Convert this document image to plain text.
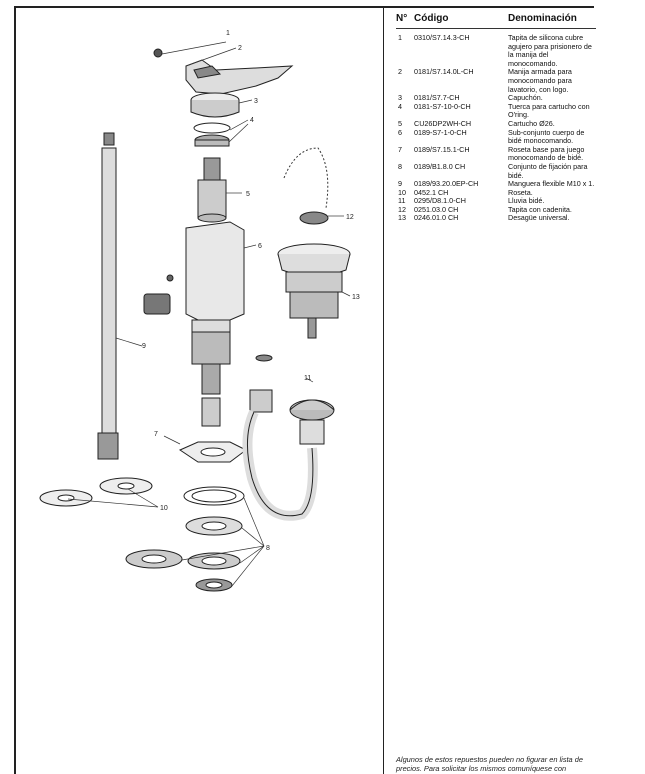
1
2
3
4
5
6
7
8
9
10
11
12
13
N° Código	Denominación
1 0310/S7.14.3-CH	Tapita de silicona cubre agujero para prisionero de la manija del monocomando.
2 0181/S7.14.0L-CH	Manija armada para monocomando para lavatorio, con logo.
3 0181/S7.7-CH	Capuchón.
4 0181-S7-10-0-CH	Tuerca para cartucho con O'ring.
5 CU26DP2WH-CH	Cartucho Ø26.
6 0189-S7-1-0-CH	Sub-conjunto cuerpo de bidé monocomando.
7 0189/S7.15.1-CH	Roseta base para juego monocomando de bidé.
8 0189/B1.8.0 CH	Conjunto de fijación para bidé.
9 0189/93.20.0EP-CH	Manguera flexible M10 x 1.
10 0452.1 CH	Roseta.
11 0295/D8.1.0-CH	Lluvia bidé.
12 0251.03.0 CH	Tapita con cadenita.
13 0246.01.0 CH	Desagüe universal.
Algunos de estos repuestos pueden no figurar en lista de precios. Para solicitar los mismos comuníquese con
